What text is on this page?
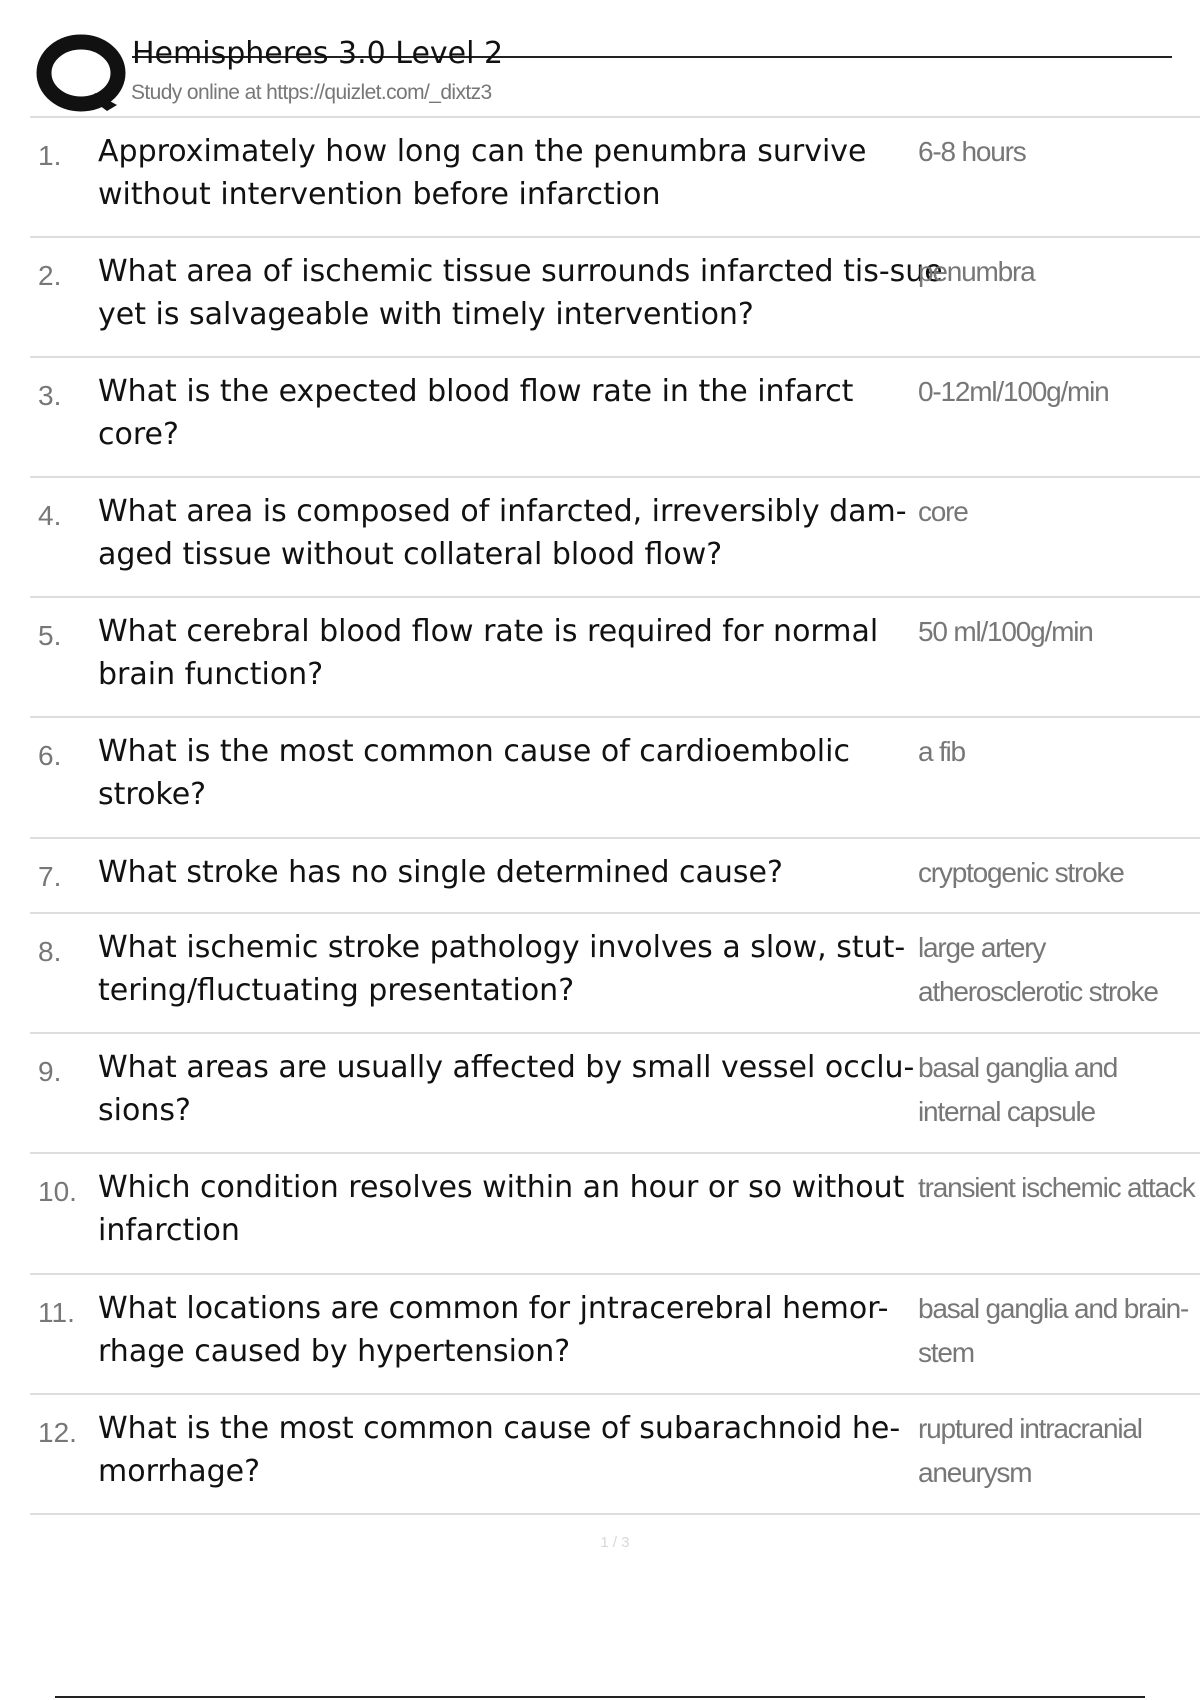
Hemispheres 3.0 Level 2
Study online at https://quizlet.com/_dixtz3
1. Approximately how long can the penumbra survive without intervention before infarction
6-8 hours
2. What area of ischemic tissue surrounds infarcted tis-sue yet is salvageable with timely intervention?
penumbra
3. What is the expected blood flow rate in the infarct core?
0-12ml/100g/min
4. What area is composed of infarcted, irreversibly dam-aged tissue without collateral blood flow?
core
5. What cerebral blood flow rate is required for normal brain function?
50 ml/100g/min
6. What is the most common cause of cardioembolic stroke?
a fib
7. What stroke has no single determined cause?	cryptogenic stroke
8. What ischemic stroke pathology involves a slow, stut-tering/fluctuating presentation?
large artery atherosclerotic stroke
9. What areas are usually affected by small vessel occlu-sions?
basal ganglia and internal capsule
10. Which condition resolves within an hour or so without infarction
transient ischemic attack
11. What locations are common for jntracerebral hemor-rhage caused by hypertension?
basal ganglia and brain-stem
12. What is the most common cause of subarachnoid he-morrhage?
ruptured intracranial aneurysm
1 / 3
